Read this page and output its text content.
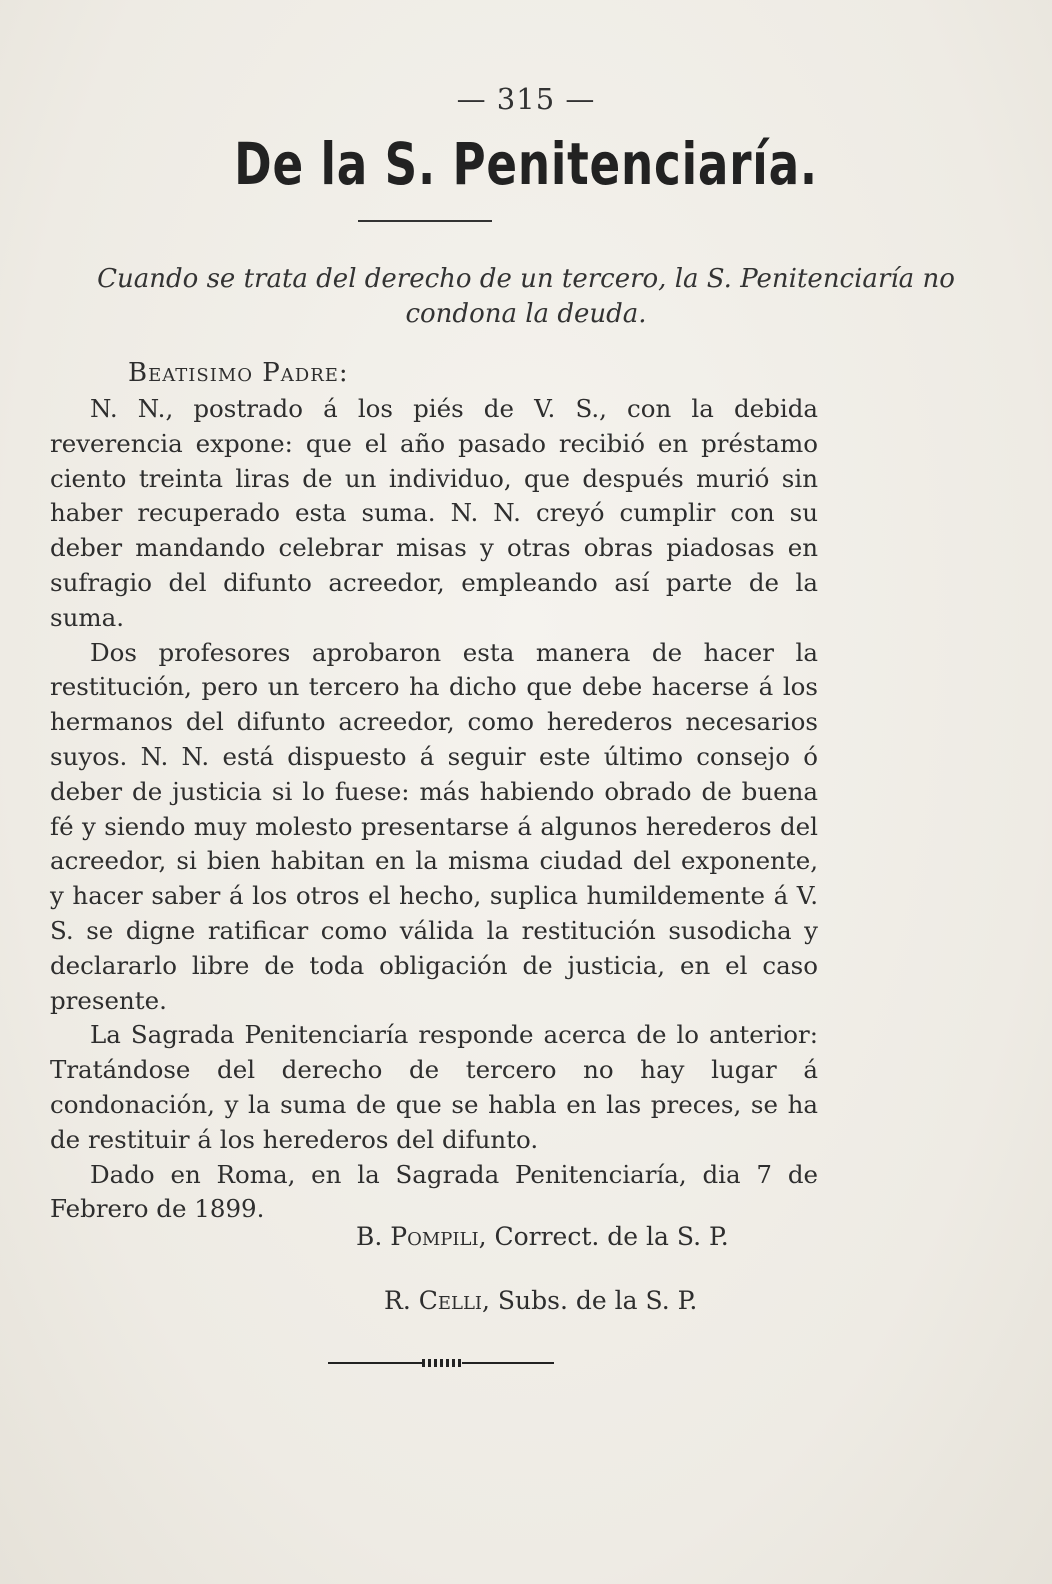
— 315 —
De la S. Penitenciaría.
Cuando se trata del derecho de un tercero, la S. Penitenciaría no condona la deuda.
Beatisimo Padre:

N. N., postrado á los piés de V. S., con la debida reverencia expone: que el año pasado recibió en préstamo ciento treinta liras de un individuo, que después murió sin haber recuperado esta suma. N. N. creyó cumplir con su deber mandando celebrar misas y otras obras piadosas en sufragio del difunto acreedor, empleando así parte de la suma.

Dos profesores aprobaron esta manera de hacer la restitución, pero un tercero ha dicho que debe hacerse á los hermanos del difunto acreedor, como herederos necesarios suyos. N. N. está dispuesto á seguir este último consejo ó deber de justicia si lo fuese: más habiendo obrado de buena fé y siendo muy molesto presentarse á algunos herederos del acreedor, si bien habitan en la misma ciudad del exponente, y hacer saber á los otros el hecho, suplica humildemente á V. S. se digne ratificar como válida la restitución susodicha y declararlo libre de toda obligación de justicia, en el caso presente.

La Sagrada Penitenciaría responde acerca de lo anterior: Tratándose del derecho de tercero no hay lugar á condonación, y la suma de que se habla en las preces, se ha de restituir á los herederos del difunto.

Dado en Roma, en la Sagrada Penitenciaría, dia 7 de Febrero de 1899.

B. Pompili, Correct. de la S. P.
R. Celli, Subs. de la S. P.
